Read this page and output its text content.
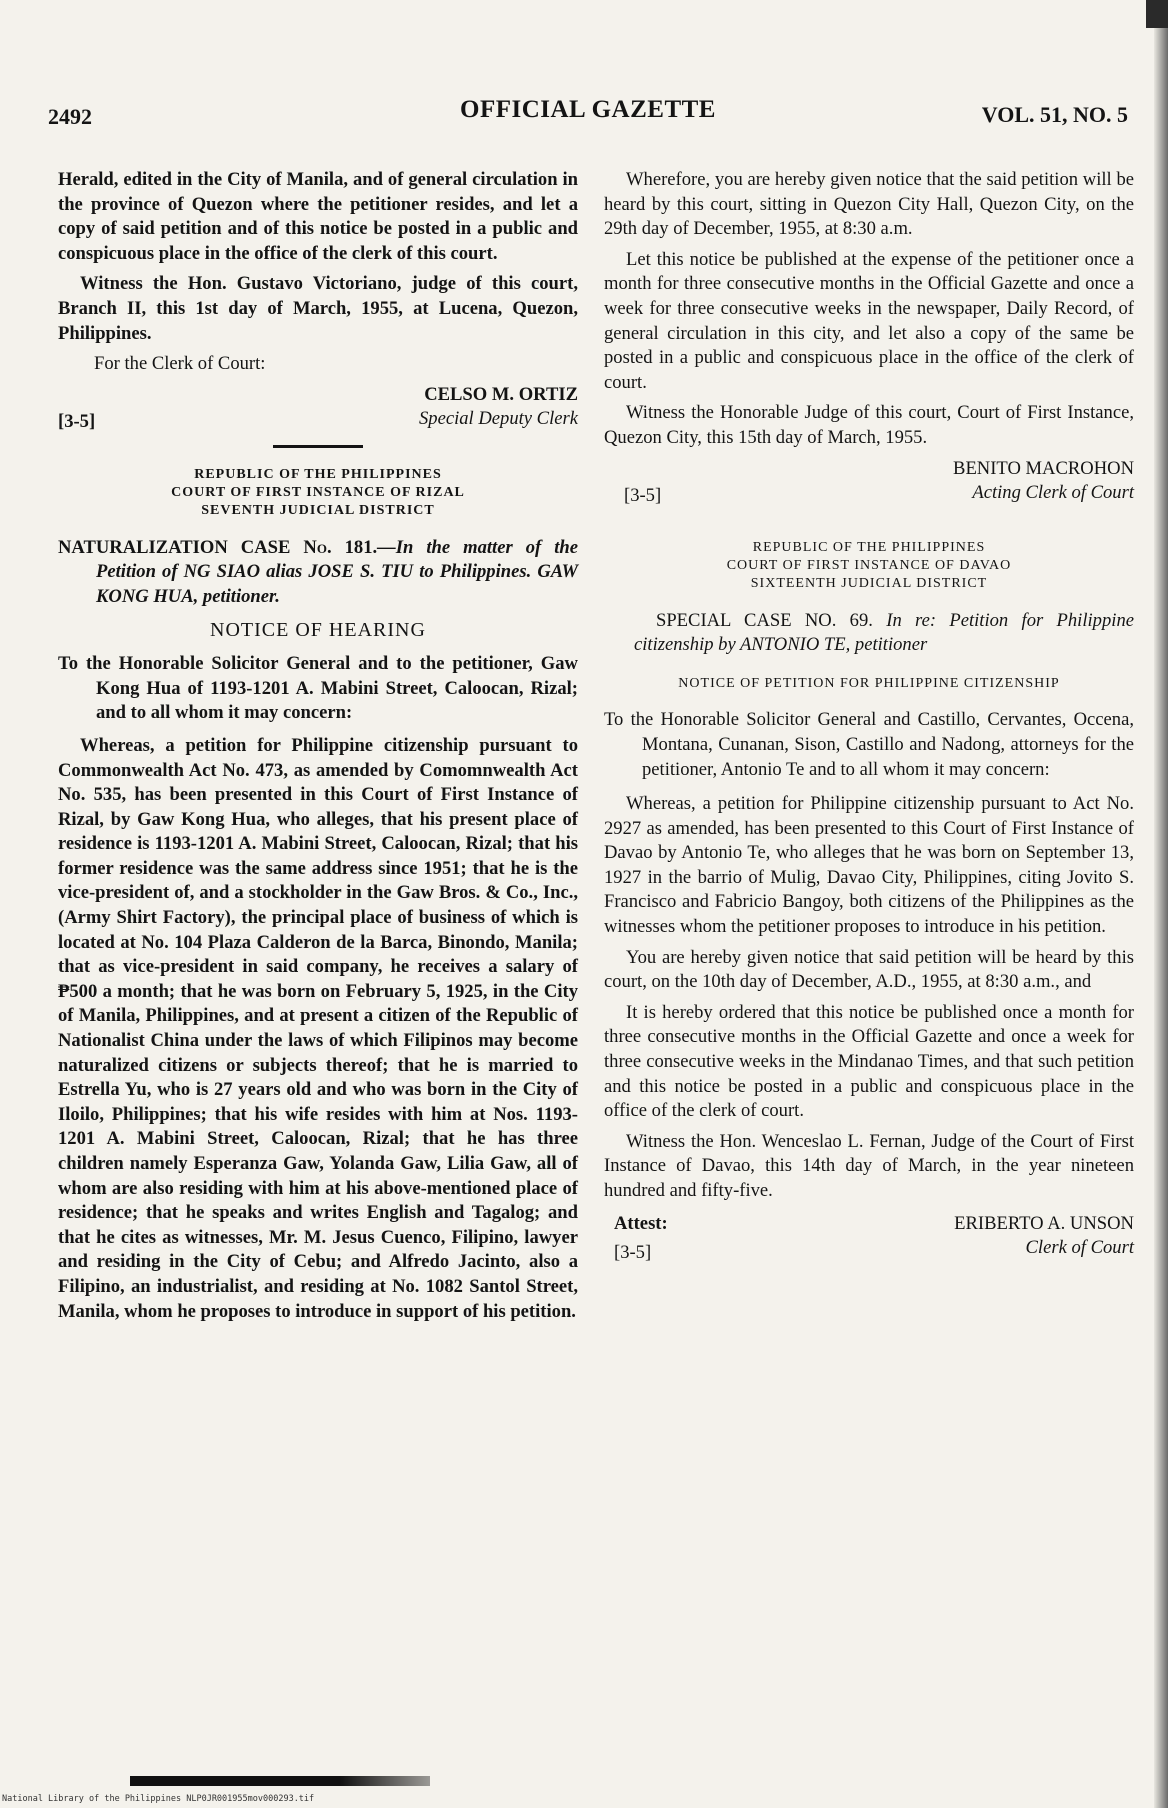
2492	OFFICIAL GAZETTE	VOL. 51, NO. 5

Herald, edited in the City of Manila, and of general circulation in the province of Quezon where the petitioner resides, and let a copy of said petition and of this notice be posted in a public and conspicuous place in the office of the clerk of this court.

Witness the Hon. Gustavo Victoriano, judge of this court, Branch II, this 1st day of March, 1955, at Lucena, Quezon, Philippines.

For the Clerk of Court:

CELSO M. ORTIZ
Special Deputy Clerk
[3-5]
REPUBLIC OF THE PHILIPPINES
COURT OF FIRST INSTANCE OF RIZAL
SEVENTH JUDICIAL DISTRICT

NATURALIZATION CASE No. 181.—In the matter of the Petition of NG SIAO alias JOSE S. TIU to Philippines. GAW KONG HUA, petitioner.

NOTICE OF HEARING

To the Honorable Solicitor General and to the petitioner, Gaw Kong Hua of 1193-1201 A. Mabini Street, Caloocan, Rizal; and to all whom it may concern:

Whereas, a petition for Philippine citizenship pursuant to Commonwealth Act No. 473, as amended by Comomnwealth Act No. 535, has been presented in this Court of First Instance of Rizal, by Gaw Kong Hua, who alleges, that his present place of residence is 1193-1201 A. Mabini Street, Caloocan, Rizal; that his former residence was the same address since 1951; that he is the vice-president of, and a stockholder in the Gaw Bros. & Co., Inc., (Army Shirt Factory), the principal place of business of which is located at No. 104 Plaza Calderon de la Barca, Binondo, Manila; that as vice-president in said company, he receives a salary of ₱500 a month; that he was born on February 5, 1925, in the City of Manila, Philippines, and at present a citizen of the Republic of Nationalist China under the laws of which Filipinos may become naturalized citizens or subjects thereof; that he is married to Estrella Yu, who is 27 years old and who was born in the City of Iloilo, Philippines; that his wife resides with him at Nos. 1193-1201 A. Mabini Street, Caloocan, Rizal; that he has three children namely Esperanza Gaw, Yolanda Gaw, Lilia Gaw, all of whom are also residing with him at his above-mentioned place of residence; that he speaks and writes English and Tagalog; and that he cites as witnesses, Mr. M. Jesus Cuenco, Filipino, lawyer and residing in the City of Cebu; and Alfredo Jacinto, also a Filipino, an industrialist, and residing at No. 1082 Santol Street, Manila, whom he proposes to introduce in support of his petition.

Wherefore, you are hereby given notice that the said petition will be heard by this court, sitting in Quezon City Hall, Quezon City, on the 29th day of December, 1955, at 8:30 a.m.

Let this notice be published at the expense of the petitioner once a month for three consecutive months in the Official Gazette and once a week for three consecutive weeks in the newspaper, Daily Record, of general circulation in this city, and let also a copy of the same be posted in a public and conspicuous place in the office of the clerk of court.

Witness the Honorable Judge of this court, Court of First Instance, Quezon City, this 15th day of March, 1955.

BENITO MACROHON
Acting Clerk of Court
[3-5]
REPUBLIC OF THE PHILIPPINES
COURT OF FIRST INSTANCE OF DAVAO
SIXTEENTH JUDICIAL DISTRICT

SPECIAL CASE NO. 69. In re: Petition for Philippine citizenship by ANTONIO TE, petitioner

NOTICE OF PETITION FOR PHILIPPINE CITIZENSHIP

To the Honorable Solicitor General and Castillo, Cervantes, Occena, Montana, Cunanan, Sison, Castillo and Nadong, attorneys for the petitioner, Antonio Te and to all whom it may concern:

Whereas, a petition for Philippine citizenship pursuant to Act No. 2927 as amended, has been presented to this Court of First Instance of Davao by Antonio Te, who alleges that he was born on September 13, 1927 in the barrio of Mulig, Davao City, Philippines, citing Jovito S. Francisco and Fabricio Bangoy, both citizens of the Philippines as the witnesses whom the petitioner proposes to introduce in his petition.

You are hereby given notice that said petition will be heard by this court, on the 10th day of December, A.D., 1955, at 8:30 a.m., and

It is hereby ordered that this notice be published once a month for three consecutive months in the Official Gazette and once a week for three consecutive weeks in the Mindanao Times, and that such petition and this notice be posted in a public and conspicuous place in the office of the clerk of court.

Witness the Hon. Wenceslao L. Fernan, Judge of the Court of First Instance of Davao, this 14th day of March, in the year nineteen hundred and fifty-five.

Attest:	ERIBERTO A. UNSON
Clerk of Court
[3-5]
National Library of the Philippines NLP0JR001955mov000293.tif
